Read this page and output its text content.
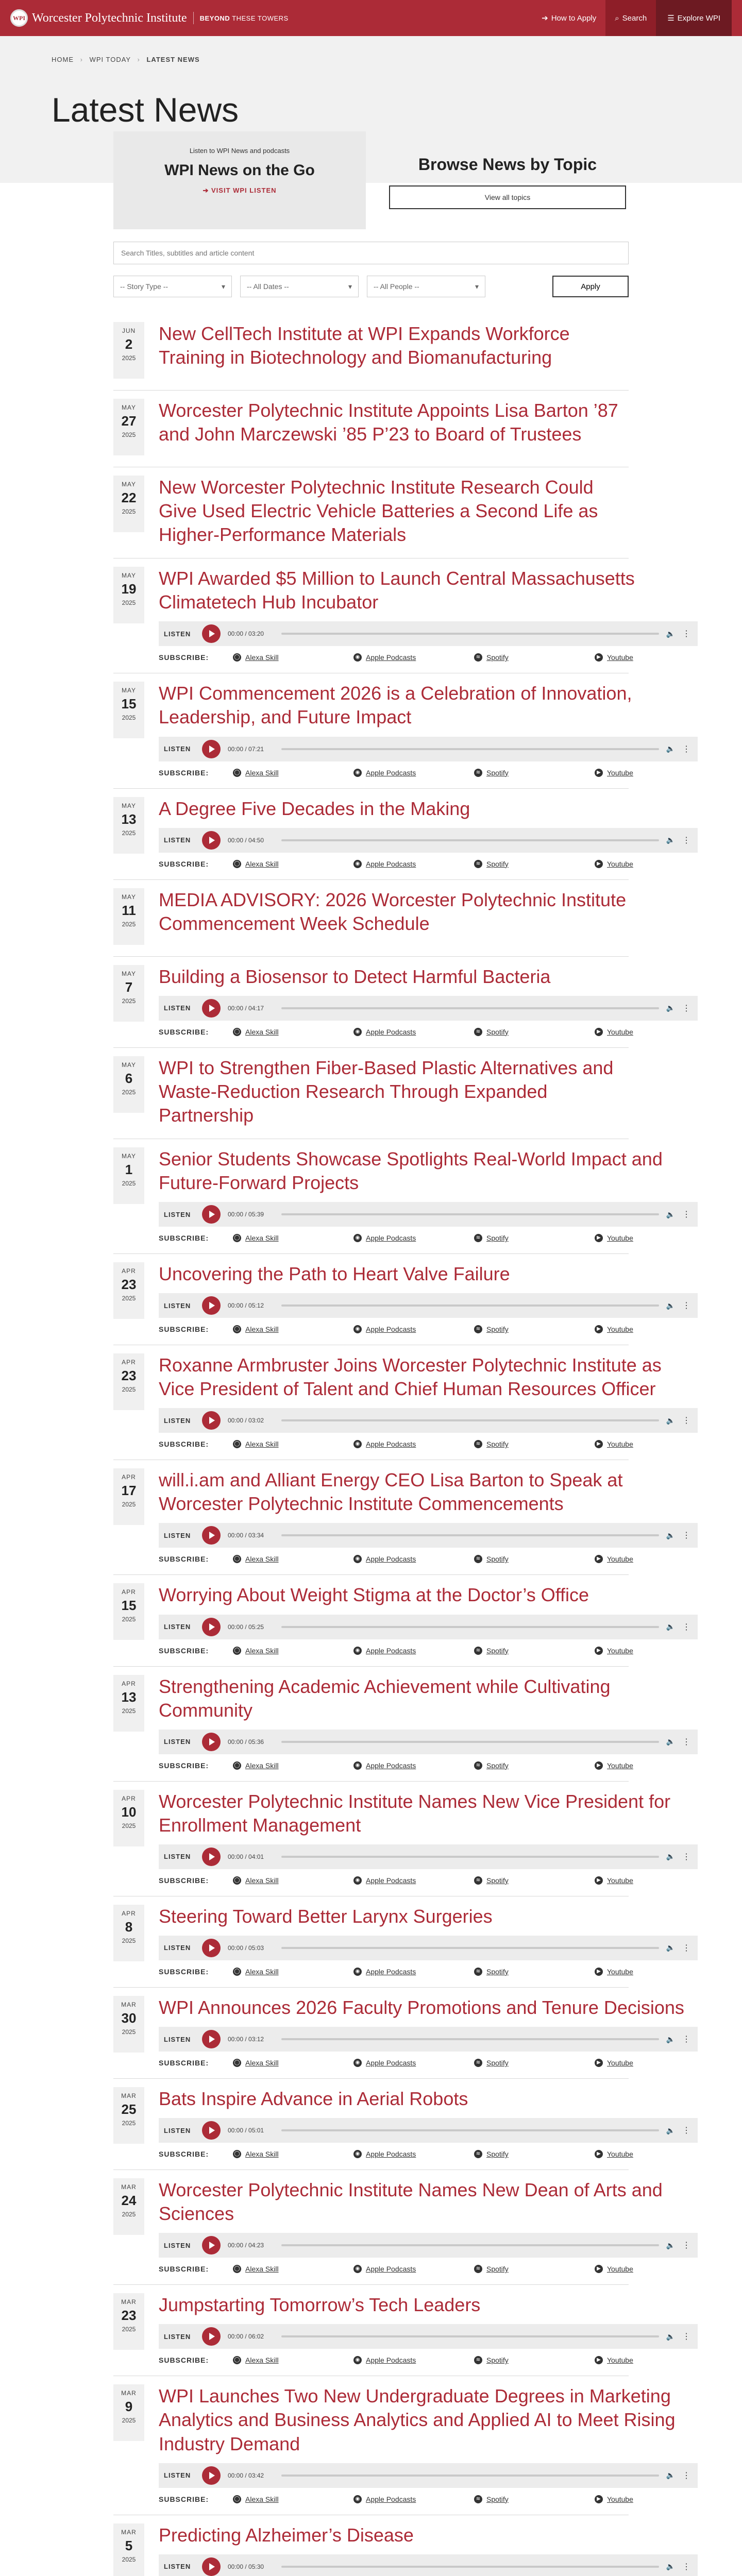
WPI Worcester Polytechnic Institute BEYOND THESE TOWERS	➔ How to Apply ⌕ Search	☰ Explore WPI
HOME › WPI TODAY › LATEST NEWS
Latest News
Listen to WPI News and podcasts
WPI News on the Go
➔ VISIT WPI LISTEN
Browse News by Topic
View all topics
Search Titles, subtitles and article content
-- Story Type --	▾	-- All Dates --	▾	-- All People --	▾	Apply
JUN
2
2025
New CellTech Institute at WPI Expands Workforce Training in Biotechnology and Biomanufacturing
MAY
27
2025
Worcester Polytechnic Institute Appoints Lisa Barton ’87 and John Marczewski ’85 P’23 to Board of Trustees
MAY
22
2025
New Worcester Polytechnic Institute Research Could Give Used Electric Vehicle Batteries a Second Life as Higher-Performance Materials
MAY
19
2025
WPI Awarded $5 Million to Launch Central Massachusetts Climatetech Hub Incubator
LISTEN	00:00 / 03:20	🔈 ⋮
SUBSCRIBE:	◯ Alexa Skill	◉ Apple Podcasts	≋ Spotify	▶ Youtube
MAY
15
2025
WPI Commencement 2026 is a Celebration of Innovation, Leadership, and Future Impact
LISTEN	00:00 / 07:21	🔈 ⋮
SUBSCRIBE:	◯ Alexa Skill	◉ Apple Podcasts	≋ Spotify	▶ Youtube
MAY
13
2025
A Degree Five Decades in the Making
LISTEN	00:00 / 04:50	🔈 ⋮
SUBSCRIBE:	◯ Alexa Skill	◉ Apple Podcasts	≋ Spotify	▶ Youtube
MAY
11
2025
MEDIA ADVISORY: 2026 Worcester Polytechnic Institute Commencement Week Schedule
MAY
7
2025
Building a Biosensor to Detect Harmful Bacteria
LISTEN	00:00 / 04:17	🔈 ⋮
SUBSCRIBE:	◯ Alexa Skill	◉ Apple Podcasts	≋ Spotify	▶ Youtube
MAY
6
2025
WPI to Strengthen Fiber-Based Plastic Alternatives and Waste-Reduction Research Through Expanded Partnership
MAY
1
2025
Senior Students Showcase Spotlights Real-World Impact and Future-Forward Projects
LISTEN	00:00 / 05:39	🔈 ⋮
SUBSCRIBE:	◯ Alexa Skill	◉ Apple Podcasts	≋ Spotify	▶ Youtube
APR
23
2025
Uncovering the Path to Heart Valve Failure
LISTEN	00:00 / 05:12	🔈 ⋮
SUBSCRIBE:	◯ Alexa Skill	◉ Apple Podcasts	≋ Spotify	▶ Youtube
APR
23
2025
Roxanne Armbruster Joins Worcester Polytechnic Institute as Vice President of Talent and Chief Human Resources Officer
LISTEN	00:00 / 03:02	🔈 ⋮
SUBSCRIBE:	◯ Alexa Skill	◉ Apple Podcasts	≋ Spotify	▶ Youtube
APR
17
2025
will.i.am and Alliant Energy CEO Lisa Barton to Speak at Worcester Polytechnic Institute Commencements
LISTEN	00:00 / 03:34	🔈 ⋮
SUBSCRIBE:	◯ Alexa Skill	◉ Apple Podcasts	≋ Spotify	▶ Youtube
APR
15
2025
Worrying About Weight Stigma at the Doctor’s Office
LISTEN	00:00 / 05:25	🔈 ⋮
SUBSCRIBE:	◯ Alexa Skill	◉ Apple Podcasts	≋ Spotify	▶ Youtube
APR
13
2025
Strengthening Academic Achievement while Cultivating Community
LISTEN	00:00 / 05:36	🔈 ⋮
SUBSCRIBE:	◯ Alexa Skill	◉ Apple Podcasts	≋ Spotify	▶ Youtube
APR
10
2025
Worcester Polytechnic Institute Names New Vice President for Enrollment Management
LISTEN	00:00 / 04:01	🔈 ⋮
SUBSCRIBE:	◯ Alexa Skill	◉ Apple Podcasts	≋ Spotify	▶ Youtube
APR
8
2025
Steering Toward Better Larynx Surgeries
LISTEN	00:00 / 05:03	🔈 ⋮
SUBSCRIBE:	◯ Alexa Skill	◉ Apple Podcasts	≋ Spotify	▶ Youtube
MAR
30
2025
WPI Announces 2026 Faculty Promotions and Tenure Decisions
LISTEN	00:00 / 03:12	🔈 ⋮
SUBSCRIBE:	◯ Alexa Skill	◉ Apple Podcasts	≋ Spotify	▶ Youtube
MAR
25
2025
Bats Inspire Advance in Aerial Robots
LISTEN	00:00 / 05:01	🔈 ⋮
SUBSCRIBE:	◯ Alexa Skill	◉ Apple Podcasts	≋ Spotify	▶ Youtube
MAR
24
2025
Worcester Polytechnic Institute Names New Dean of Arts and Sciences
LISTEN	00:00 / 04:23	🔈 ⋮
SUBSCRIBE:	◯ Alexa Skill	◉ Apple Podcasts	≋ Spotify	▶ Youtube
MAR
23
2025
Jumpstarting Tomorrow’s Tech Leaders
LISTEN	00:00 / 06:02	🔈 ⋮
SUBSCRIBE:	◯ Alexa Skill	◉ Apple Podcasts	≋ Spotify	▶ Youtube
MAR
9
2025
WPI Launches Two New Undergraduate Degrees in Marketing Analytics and Business Analytics and Applied AI to Meet Rising Industry Demand
LISTEN	00:00 / 03:42	🔈 ⋮
SUBSCRIBE:	◯ Alexa Skill	◉ Apple Podcasts	≋ Spotify	▶ Youtube
MAR
5
2025
Predicting Alzheimer’s Disease
LISTEN	00:00 / 05:30	🔈 ⋮
